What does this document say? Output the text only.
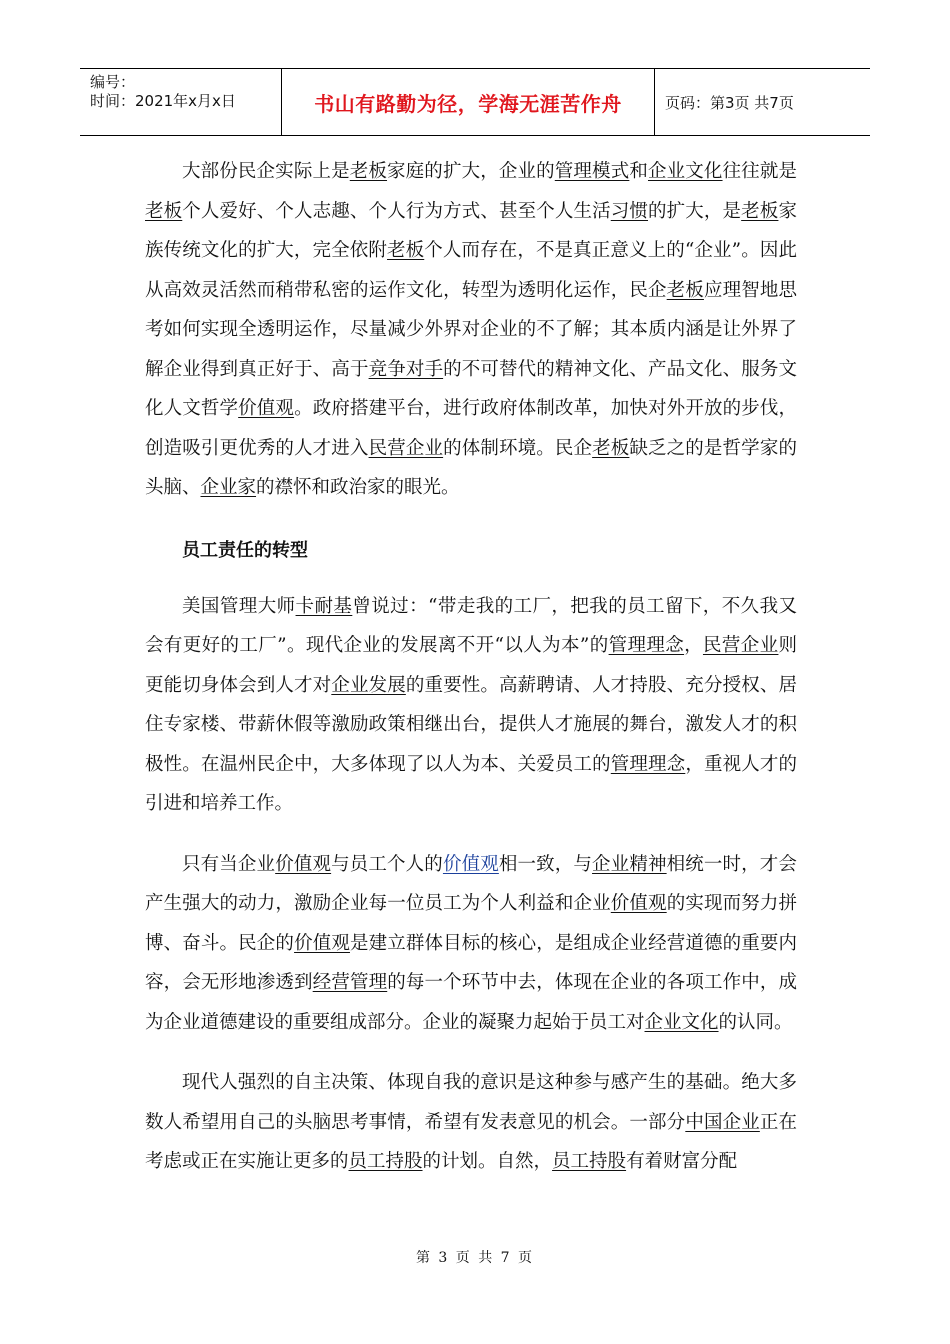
编号：
时间：2021年x月x日	书山有路勤为径，学海无涯苦作舟	页码：第3页 共7页

大部份民企实际上是老板家庭的扩大，企业的管理模式和企业文化往往就是老板个人爱好、个人志趣、个人行为方式、甚至个人生活习惯的扩大，是老板家族传统文化的扩大，完全依附老板个人而存在，不是真正意义上的“企业”。因此从高效灵活然而稍带私密的运作文化，转型为透明化运作，民企老板应理智地思考如何实现全透明运作，尽量减少外界对企业的不了解；其本质内涵是让外界了解企业得到真正好于、高于竞争对手的不可替代的精神文化、产品文化、服务文化人文哲学价值观。政府搭建平台，进行政府体制改革，加快对外开放的步伐，创造吸引更优秀的人才进入民营企业的体制环境。民企老板缺乏之的是哲学家的头脑、企业家的襟怀和政治家的眼光。

员工责任的转型

美国管理大师卡耐基曾说过：“带走我的工厂，把我的员工留下，不久我又会有更好的工厂”。现代企业的发展离不开“以人为本”的管理理念，民营企业则更能切身体会到人才对企业发展的重要性。高薪聘请、人才持股、充分授权、居住专家楼、带薪休假等激励政策相继出台，提供人才施展的舞台，激发人才的积极性。在温州民企中，大多体现了以人为本、关爱员工的管理理念，重视人才的引进和培养工作。

只有当企业价值观与员工个人的价值观相一致，与企业精神相统一时，才会产生强大的动力，激励企业每一位员工为个人利益和企业价值观的实现而努力拼博、奋斗。民企的价值观是建立群体目标的核心，是组成企业经营道德的重要内容，会无形地渗透到经营管理的每一个环节中去，体现在企业的各项工作中，成为企业道德建设的重要组成部分。企业的凝聚力起始于员工对企业文化的认同。

现代人强烈的自主决策、体现自我的意识是这种参与感产生的基础。绝大多数人希望用自己的头脑思考事情，希望有发表意见的机会。一部分中国企业正在考虑或正在实施让更多的员工持股的计划。自然，员工持股有着财富分配

第 3 页 共 7 页
